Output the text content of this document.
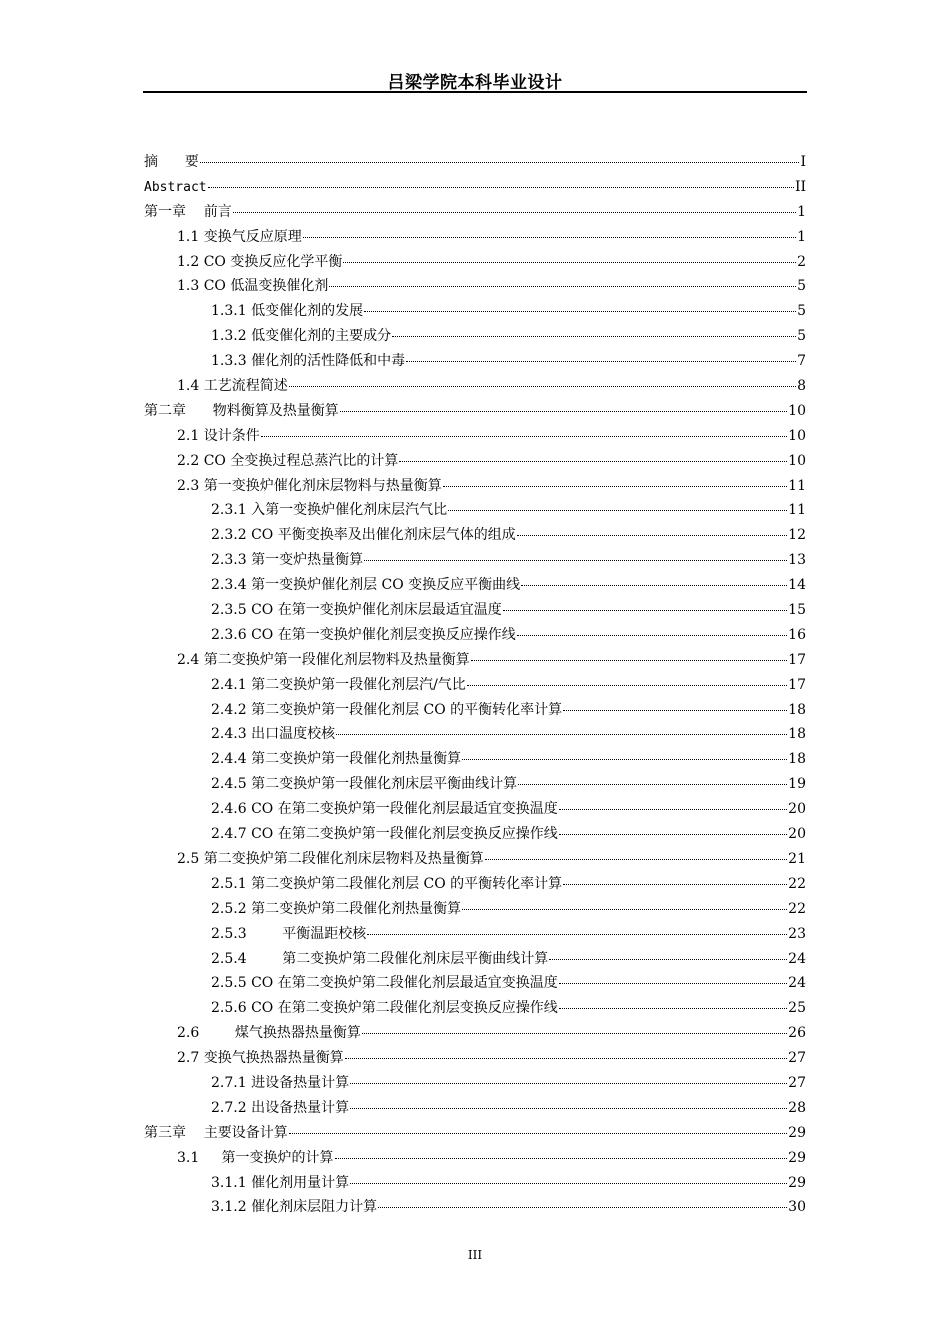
吕梁学院本科毕业设计
摘      要	I
Abstract	II
第一章    前言	1
1.1 变换气反应原理	1
1.2 CO 变换反应化学平衡	2
1.3 CO 低温变换催化剂	5
1.3.1 低变催化剂的发展	5
1.3.2 低变催化剂的主要成分	5
1.3.3 催化剂的活性降低和中毒	7
1.4 工艺流程简述	8
第二章      物料衡算及热量衡算	10
2.1 设计条件	10
2.2 CO 全变换过程总蒸汽比的计算	10
2.3 第一变换炉催化剂床层物料与热量衡算	11
2.3.1 入第一变换炉催化剂床层汽气比	11
2.3.2 CO 平衡变换率及出催化剂床层气体的组成	12
2.3.3 第一变炉热量衡算	13
2.3.4 第一变换炉催化剂层 CO 变换反应平衡曲线	14
2.3.5 CO 在第一变换炉催化剂床层最适宜温度	15
2.3.6 CO 在第一变换炉催化剂层变换反应操作线	16
2.4 第二变换炉第一段催化剂层物料及热量衡算	17
2.4.1 第二变换炉第一段催化剂层汽/气比	17
2.4.2 第二变换炉第一段催化剂层 CO 的平衡转化率计算	18
2.4.3 出口温度校核	18
2.4.4 第二变换炉第一段催化剂热量衡算	18
2.4.5 第二变换炉第一段催化剂床层平衡曲线计算	19
2.4.6 CO 在第二变换炉第一段催化剂层最适宜变换温度	20
2.4.7 CO 在第二变换炉第一段催化剂层变换反应操作线	20
2.5 第二变换炉第二段催化剂床层物料及热量衡算	21
2.5.1 第二变换炉第二段催化剂层 CO 的平衡转化率计算	22
2.5.2 第二变换炉第二段催化剂热量衡算	22
2.5.3        平衡温距校核	23
2.5.4        第二变换炉第二段催化剂床层平衡曲线计算	24
2.5.5 CO 在第二变换炉第二段催化剂层最适宜变换温度	24
2.5.6 CO 在第二变换炉第二段催化剂层变换反应操作线	25
2.6        煤气换热器热量衡算	26
2.7 变换气换热器热量衡算	27
2.7.1 进设备热量计算	27
2.7.2 出设备热量计算	28
第三章    主要设备计算	29
3.1     第一变换炉的计算	29
3.1.1 催化剂用量计算	29
3.1.2 催化剂床层阻力计算	30
III
